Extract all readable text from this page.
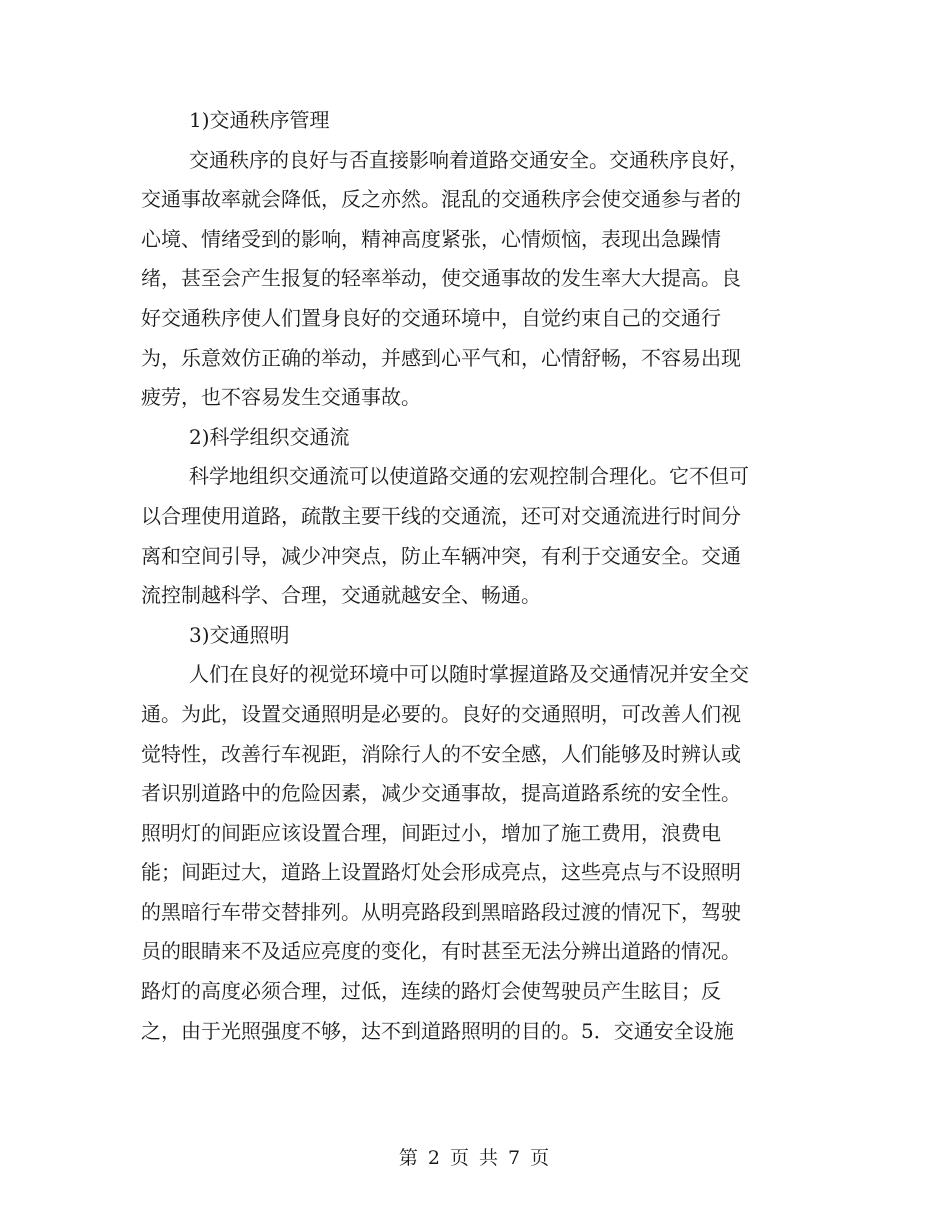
1)交通秩序管理
交通秩序的良好与否直接影响着道路交通安全。交通秩序良好，
交通事故率就会降低，反之亦然。混乱的交通秩序会使交通参与者的
心境、情绪受到的影响，精神高度紧张，心情烦恼，表现出急躁情
绪，甚至会产生报复的轻率举动，使交通事故的发生率大大提高。良
好交通秩序使人们置身良好的交通环境中，自觉约束自己的交通行
为，乐意效仿正确的举动，并感到心平气和，心情舒畅，不容易出现
疲劳，也不容易发生交通事故。
2)科学组织交通流
科学地组织交通流可以使道路交通的宏观控制合理化。它不但可
以合理使用道路，疏散主要干线的交通流，还可对交通流进行时间分
离和空间引导，减少冲突点，防止车辆冲突，有利于交通安全。交通
流控制越科学、合理，交通就越安全、畅通。
3)交通照明
人们在良好的视觉环境中可以随时掌握道路及交通情况并安全交
通。为此，设置交通照明是必要的。良好的交通照明，可改善人们视
觉特性，改善行车视距，消除行人的不安全感，人们能够及时辨认或
者识别道路中的危险因素，减少交通事故，提高道路系统的安全性。
照明灯的间距应该设置合理，间距过小，增加了施工费用，浪费电
能；间距过大，道路上设置路灯处会形成亮点，这些亮点与不设照明
的黑暗行车带交替排列。从明亮路段到黑暗路段过渡的情况下，驾驶
员的眼睛来不及适应亮度的变化，有时甚至无法分辨出道路的情况。
路灯的高度必须合理，过低，连续的路灯会使驾驶员产生眩目；反
之，由于光照强度不够，达不到道路照明的目的。5．交通安全设施
第 2 页 共 7 页
